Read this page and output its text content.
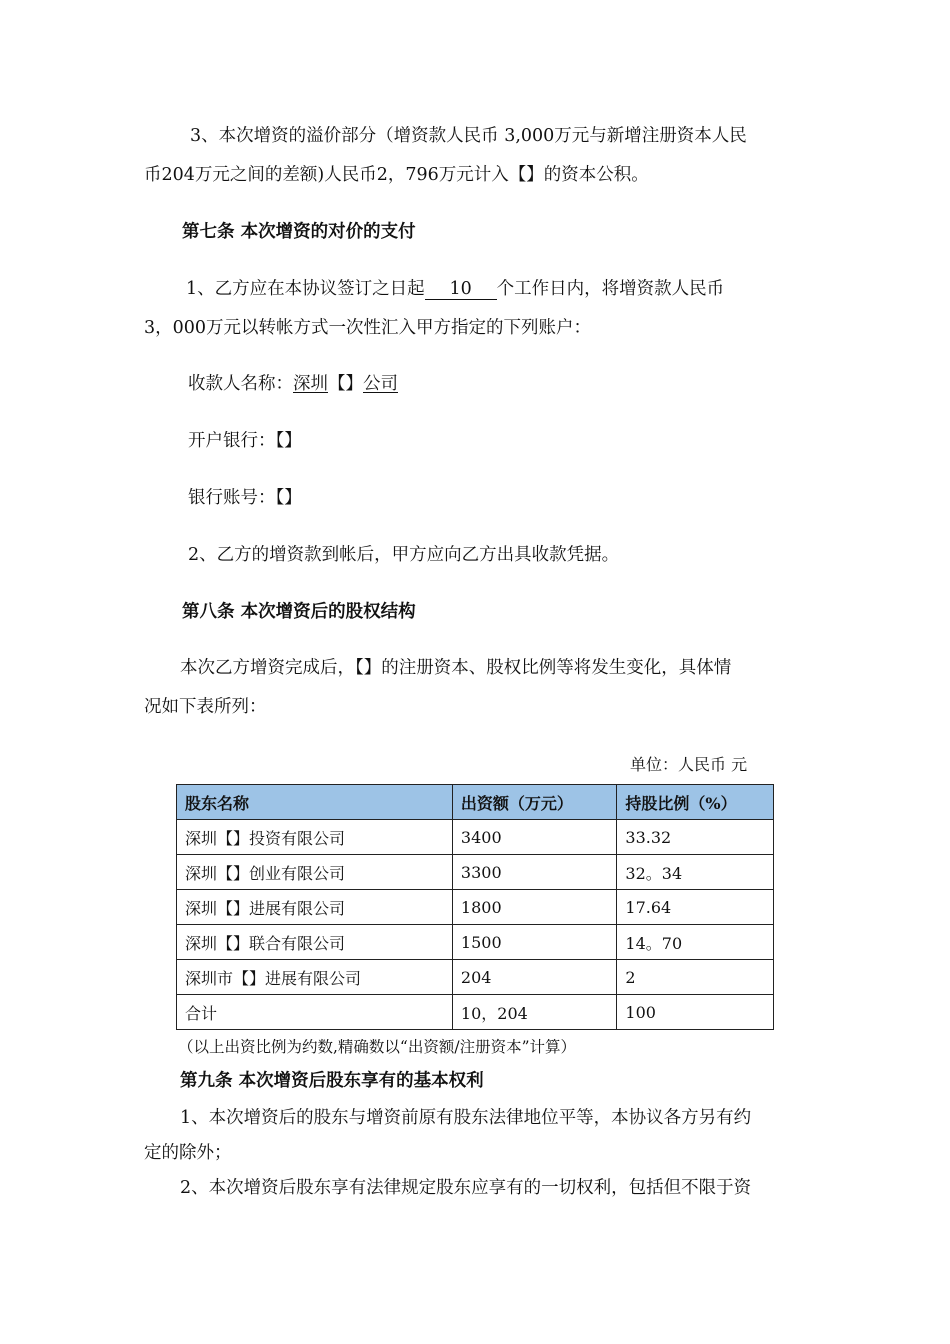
3、本次增资的溢价部分（增资款人民币 3,000万元与新增注册资本人民
币204万元之间的差额)人民币2，796万元计入【】的资本公积。
第七条 本次增资的对价的支付
1、乙方应在本协议签订之日起 10 个工作日内，将增资款人民币
3，000万元以转帐方式一次性汇入甲方指定的下列账户：
收款人名称：深圳【】公司
开户银行：【】
银行账号：【】
2、乙方的增资款到帐后，甲方应向乙方出具收款凭据。
第八条 本次增资后的股权结构
本次乙方增资完成后，【】的注册资本、股权比例等将发生变化，具体情
况如下表所列：
单位：人民币 元
股东名称	出资额（万元）	持股比例（%）
深圳【】投资有限公司	3400	33.32
深圳【】创业有限公司	3300	32。34
深圳【】进展有限公司	1800	17.64
深圳【】联合有限公司	1500	14。70
深圳市【】进展有限公司	204	2
合计	10，204	100
（以上出资比例为约数,精确数以“出资额/注册资本”计算）
第九条 本次增资后股东享有的基本权利
1、本次增资后的股东与增资前原有股东法律地位平等，本协议各方另有约
定的除外；
2、本次增资后股东享有法律规定股东应享有的一切权利，包括但不限于资
